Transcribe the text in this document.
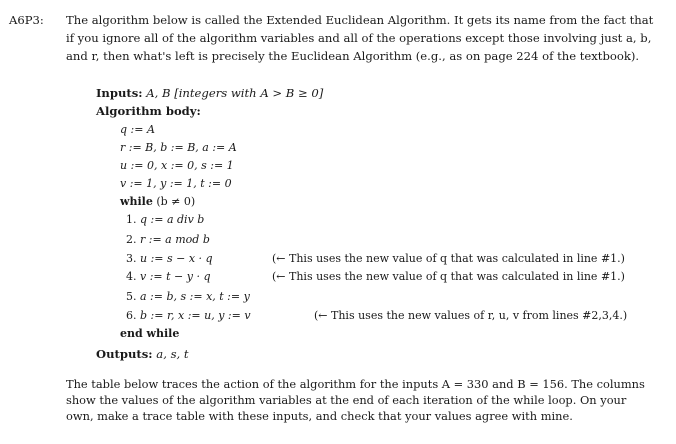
A6P3: The algorithm below is called the Extended Euclidean Algorithm. It gets its name from the fact that
if you ignore all of the algorithm variables and all of the operations except those involving just a, b,
and r, then what's left is precisely the Euclidean Algorithm (e.g., as on page 224 of the textbook).
Inputs: A, B [integers with A > B ≥ 0]
Algorithm body:
q := A
r := B, b := B, a := A
u := 0, x := 0, s := 1
v := 1, y := 1, t := 0
while (b ≠ 0)
1. q := a div b
2. r := a mod b
3. u := s − x · q	(← This uses the new value of q that was calculated in line #1.)
4. v := t − y · q	(← This uses the new value of q that was calculated in line #1.)
5. a := b, s := x, t := y
6. b := r, x := u, y := v	(← This uses the new values of r, u, v from lines #2,3,4.)
end while
Outputs: a, s, t
The table below traces the action of the algorithm for the inputs A = 330 and B = 156. The columns
show the values of the algorithm variables at the end of each iteration of the while loop. On your
own, make a trace table with these inputs, and check that your values agree with mine.
